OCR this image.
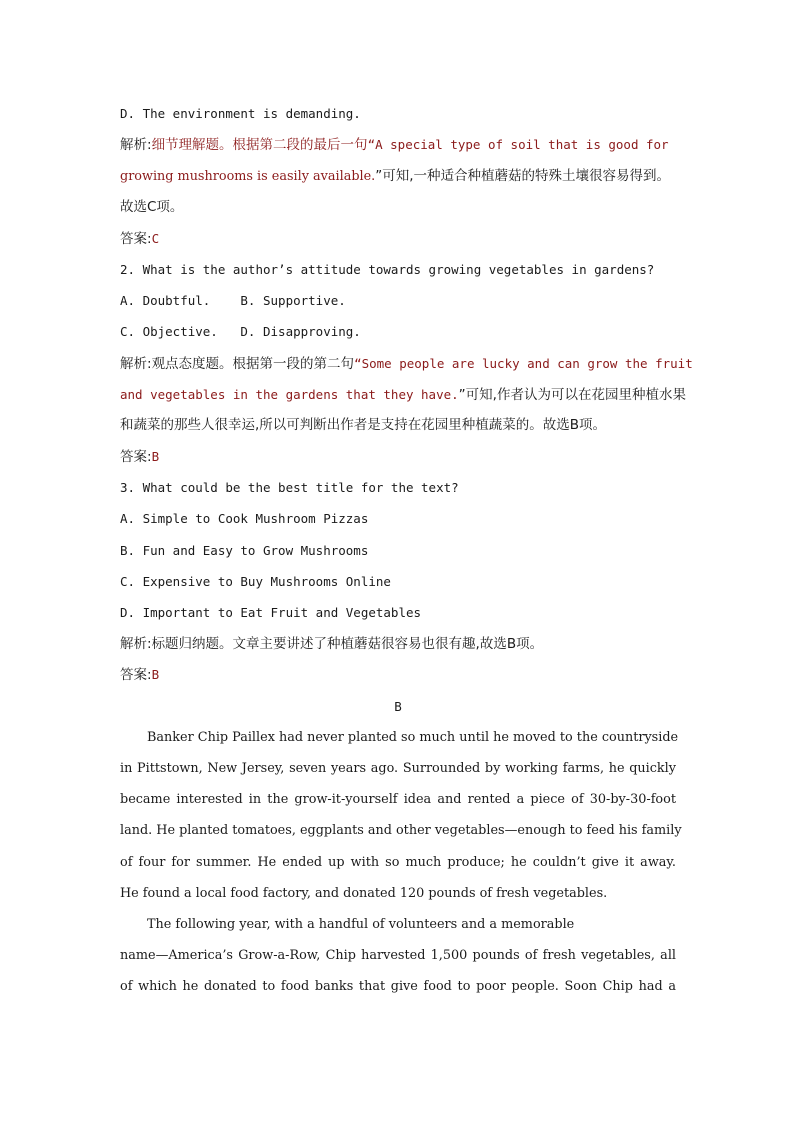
D. The environment is demanding.
解析:细节理解题。根据第二段的最后一句“A special type of soil that is good for
growing mushrooms is easily available.”可知,一种适合种植蘑菇的特殊土壤很容易得到。
故选C项。
答案:C
2. What is the author’s attitude towards growing vegetables in gardens?
A. Doubtful.    B. Supportive.
C. Objective.   D. Disapproving.
解析:观点态度题。根据第一段的第二句“Some people are lucky and can grow the fruit
and vegetables in the gardens that they have.”可知,作者认为可以在花园里种植水果
和蔬菜的那些人很幸运,所以可判断出作者是支持在花园里种植蔬菜的。故选B项。
答案:B
3. What could be the best title for the text?
A. Simple to Cook Mushroom Pizzas
B. Fun and Easy to Grow Mushrooms
C. Expensive to Buy Mushrooms Online
D. Important to Eat Fruit and Vegetables
解析:标题归纳题。文章主要讲述了种植蘑菇很容易也很有趣,故选B项。
答案:B
B
Banker Chip Paillex had never planted so much until he moved to the countryside
in Pittstown, New Jersey, seven years ago. Surrounded by working farms, he quickly
became interested in the grow-it-yourself idea and rented a piece of 30-by-30-foot
land. He planted tomatoes, eggplants and other vegetables—enough to feed his family
of four for summer. He ended up with so much produce; he couldn’t give it away.
He found a local food factory, and donated 120 pounds of fresh vegetables.
The following year, with a handful of volunteers and a memorable
name—America’s Grow-a-Row, Chip harvested 1,500 pounds of fresh vegetables, all
of which he donated to food banks that give food to poor people. Soon Chip had a
